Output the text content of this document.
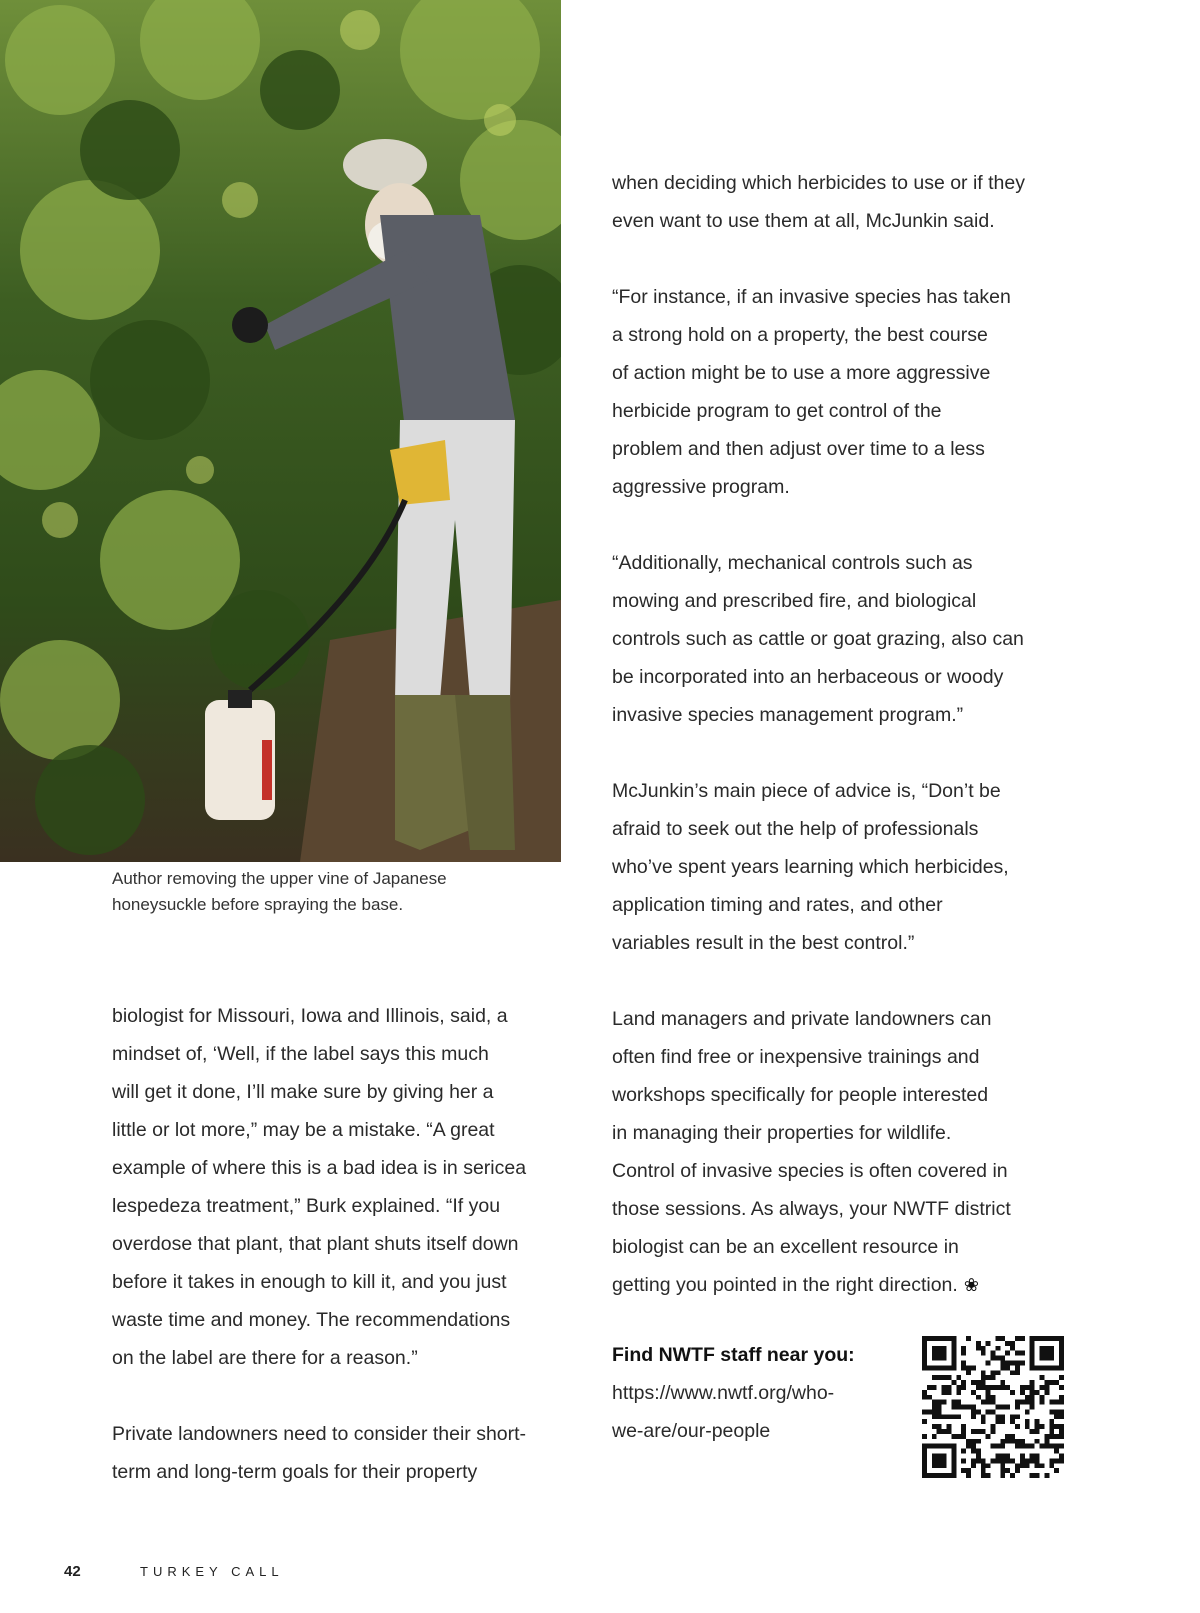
Author removing the upper vine of Japanese
honeysuckle before spraying the base.
biologist for Missouri, Iowa and Illinois, said, a
mindset of, ‘Well, if the label says this much
will get it done, I’ll make sure by giving her a
little or lot more,” may be a mistake. “A great
example of where this is a bad idea is in sericea
lespedeza treatment,” Burk explained. “If you
overdose that plant, that plant shuts itself down
before it takes in enough to kill it, and you just
waste time and money. The recommendations
on the label are there for a reason.”
Private landowners need to consider their short-
term and long-term goals for their property
when deciding which herbicides to use or if they
even want to use them at all, McJunkin said.
“For instance, if an invasive species has taken
a strong hold on a property, the best course
of action might be to use a more aggressive
herbicide program to get control of the
problem and then adjust over time to a less
aggressive program.
“Additionally, mechanical controls such as
mowing and prescribed fire, and biological
controls such as cattle or goat grazing, also can
be incorporated into an herbaceous or woody
invasive species management program.”
McJunkin’s main piece of advice is, “Don’t be
afraid to seek out the help of professionals
who’ve spent years learning which herbicides,
application timing and rates, and other
variables result in the best control.”
Land managers and private landowners can
often find free or inexpensive trainings and
workshops specifically for people interested
in managing their properties for wildlife.
Control of invasive species is often covered in
those sessions. As always, your NWTF district
biologist can be an excellent resource in
getting you pointed in the right direction. ❀
Find NWTF staff near you:
https://www.nwtf.org/who-
we-are/our-people
42	TURKEY CALL
